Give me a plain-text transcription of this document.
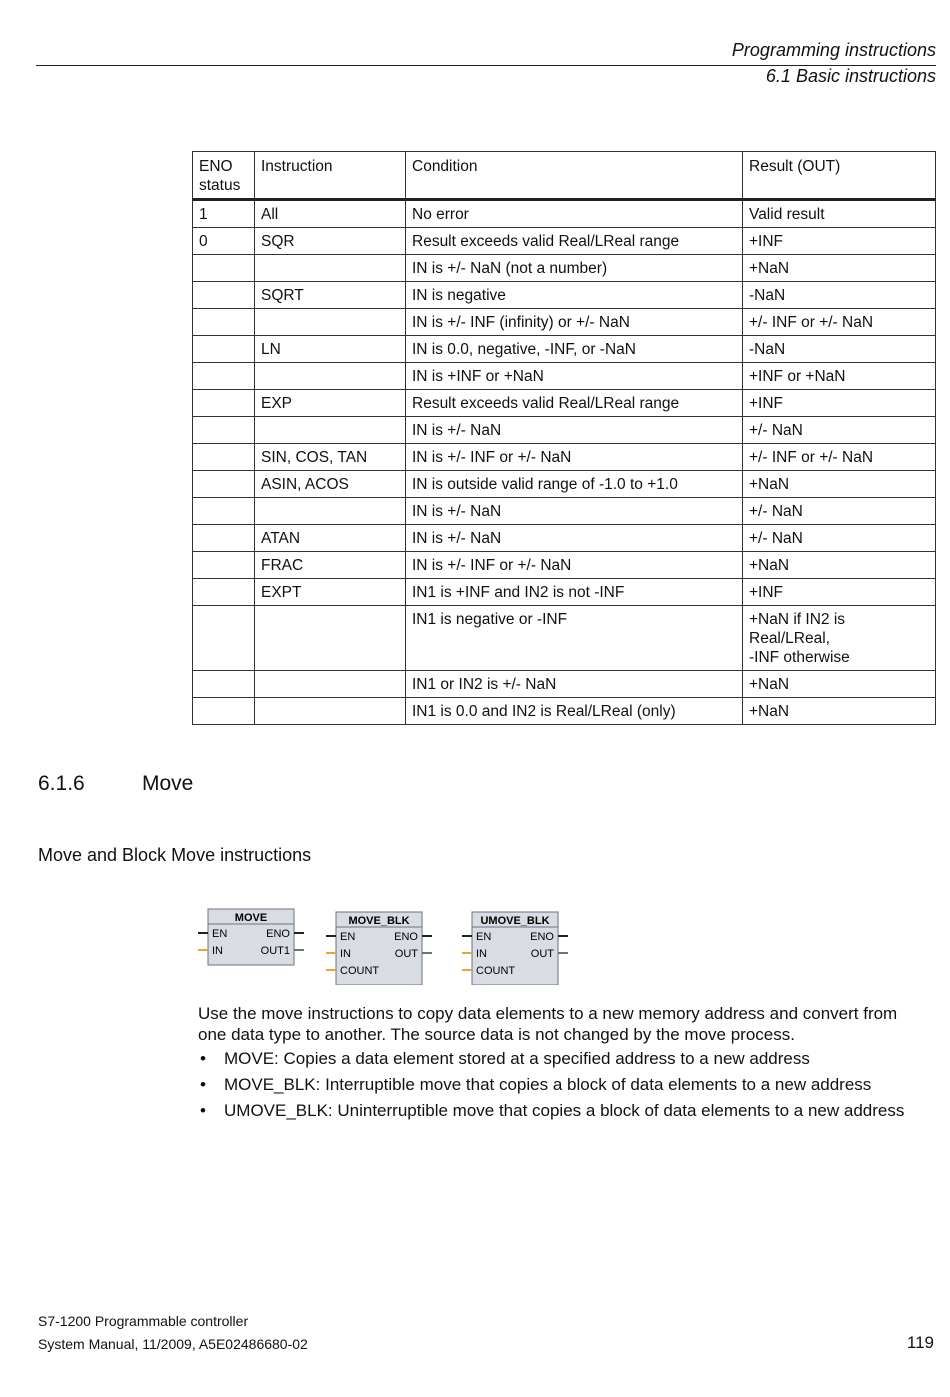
Programming instructions
6.1 Basic instructions
ENO status	Instruction	Condition	Result (OUT)
1	All	No error	Valid result
0	SQR	Result exceeds valid Real/LReal range	+INF
		IN is +/- NaN (not a number)	+NaN
	SQRT	IN is negative	-NaN
		IN is +/- INF (infinity) or +/- NaN	+/- INF or +/- NaN
	LN	IN is 0.0, negative, -INF, or -NaN	-NaN
		IN is +INF or +NaN	+INF or +NaN
	EXP	Result exceeds valid Real/LReal range	+INF
		IN is +/- NaN	+/- NaN
	SIN, COS, TAN	IN is +/- INF or +/- NaN	+/- INF or +/- NaN
	ASIN, ACOS	IN is outside valid range of -1.0 to +1.0	+NaN
		IN is +/- NaN	+/- NaN
	ATAN	IN is +/- NaN	+/- NaN
	FRAC	IN is +/- INF or +/- NaN	+NaN
	EXPT	IN1 is +INF and IN2 is not -INF	+INF
		IN1 is negative or -INF	+NaN if IN2 is
Real/LReal,
-INF otherwise
		IN1 or IN2 is +/- NaN	+NaN
		IN1 is 0.0 and IN2 is Real/LReal (only)	+NaN
6.1.6	Move
Move and Block Move instructions
MOVE
EN
IN
ENO
OUT1
MOVE_BLK
EN
IN
COUNT
ENO
OUT
UMOVE_BLK
EN
IN
COUNT
ENO
OUT

Use the move instructions to copy data elements to a new memory address and convert from one data type to another. The source data is not changed by the move process.

• MOVE: Copies a data element stored at a specified address to a new address
• MOVE_BLK: Interruptible move that copies a block of data elements to a new address
• UMOVE_BLK: Uninterruptible move that copies a block of data elements to a new address
S7-1200 Programmable controller
System Manual, 11/2009, A5E02486680-02	119
